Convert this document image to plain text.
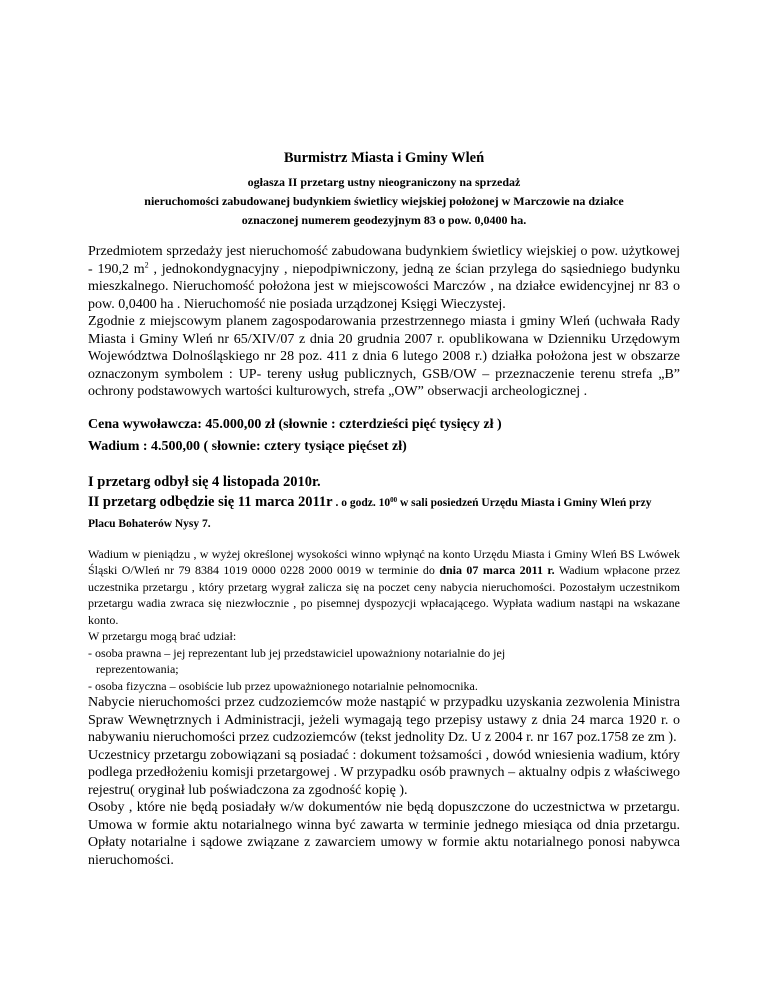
Burmistrz Miasta i Gminy Wleń

ogłasza II przetarg ustny nieograniczony na sprzedaż

nieruchomości zabudowanej budynkiem świetlicy wiejskiej położonej w Marczowie na działce

oznaczonej numerem geodezyjnym 83 o pow. 0,0400 ha.

Przedmiotem sprzedaży jest nieruchomość zabudowana budynkiem świetlicy wiejskiej o pow. użytkowej - 190,2 $m^2$ , jednokondygnacyjny , niepodpiwniczony, jedną ze ścian przylega do sąsiedniego budynku mieszkalnego. Nieruchomość położona jest w miejscowości Marczów , na działce ewidencyjnej nr 83 o pow. 0,0400 ha . Nieruchomość nie posiada urządzonej Księgi Wieczystej.

Zgodnie z miejscowym planem zagospodarowania przestrzennego miasta i gminy Wleń (uchwała Rady Miasta i Gminy Wleń nr 65/XIV/07 z dnia 20 grudnia 2007 r. opublikowana w Dzienniku Urzędowym Województwa Dolnośląskiego nr 28 poz. 411 z dnia 6 lutego 2008 r.) działka położona jest w obszarze oznaczonym symbolem : UP- tereny usług publicznych, GSB/OW – przeznaczenie terenu strefa „B” ochrony podstawowych wartości kulturowych, strefa „OW” obserwacji archeologicznej .

Cena wywoławcza: 45.000,00 zł (słownie : czterdzieści pięć tysięcy zł )

Wadium : 4.500,00 ( słownie: cztery tysiące pięćset zł)

I przetarg odbył się 4 listopada 2010r.

II przetarg odbędzie się 11 marca 2011r . o godz. $10^{00}$ w sali posiedzeń Urzędu Miasta i Gminy Wleń przy Placu Bohaterów Nysy 7.

Wadium w pieniądzu , w wyżej określonej wysokości winno wpłynąć na konto Urzędu Miasta i Gminy Wleń BS Lwówek Śląski O/Wleń nr 79 8384 1019 0000 0228 2000 0019 w terminie do dnia 07 marca 2011 r. Wadium wpłacone przez uczestnika przetargu , który przetarg wygrał zalicza się na poczet ceny nabycia nieruchomości. Pozostałym uczestnikom przetargu wadia zwraca się niezwłocznie , po pisemnej dyspozycji wpłacającego. Wypłata wadium nastąpi na wskazane konto.

W przetargu mogą brać udział:

- osoba prawna – jej reprezentant lub jej przedstawiciel upoważniony notarialnie do jej

reprezentowania;

- osoba fizyczna – osobiście lub przez upoważnionego notarialnie pełnomocnika.

Nabycie nieruchomości przez cudzoziemców może nastąpić w przypadku uzyskania zezwolenia Ministra Spraw Wewnętrznych i Administracji, jeżeli wymagają tego przepisy ustawy z dnia 24 marca 1920 r. o nabywaniu nieruchomości przez cudzoziemców (tekst jednolity Dz. U z 2004 r. nr 167 poz.1758 ze zm ).

Uczestnicy przetargu zobowiązani są posiadać : dokument tożsamości , dowód wniesienia wadium, który podlega przedłożeniu komisji przetargowej . W przypadku osób prawnych – aktualny odpis z właściwego rejestru( oryginał lub poświadczona za zgodność kopię ).

Osoby , które nie będą posiadały w/w dokumentów nie będą dopuszczone do uczestnictwa w przetargu. Umowa w formie aktu notarialnego winna być zawarta w terminie jednego miesiąca od dnia przetargu. Opłaty notarialne i sądowe związane z zawarciem umowy w formie aktu notarialnego ponosi nabywca nieruchomości.
